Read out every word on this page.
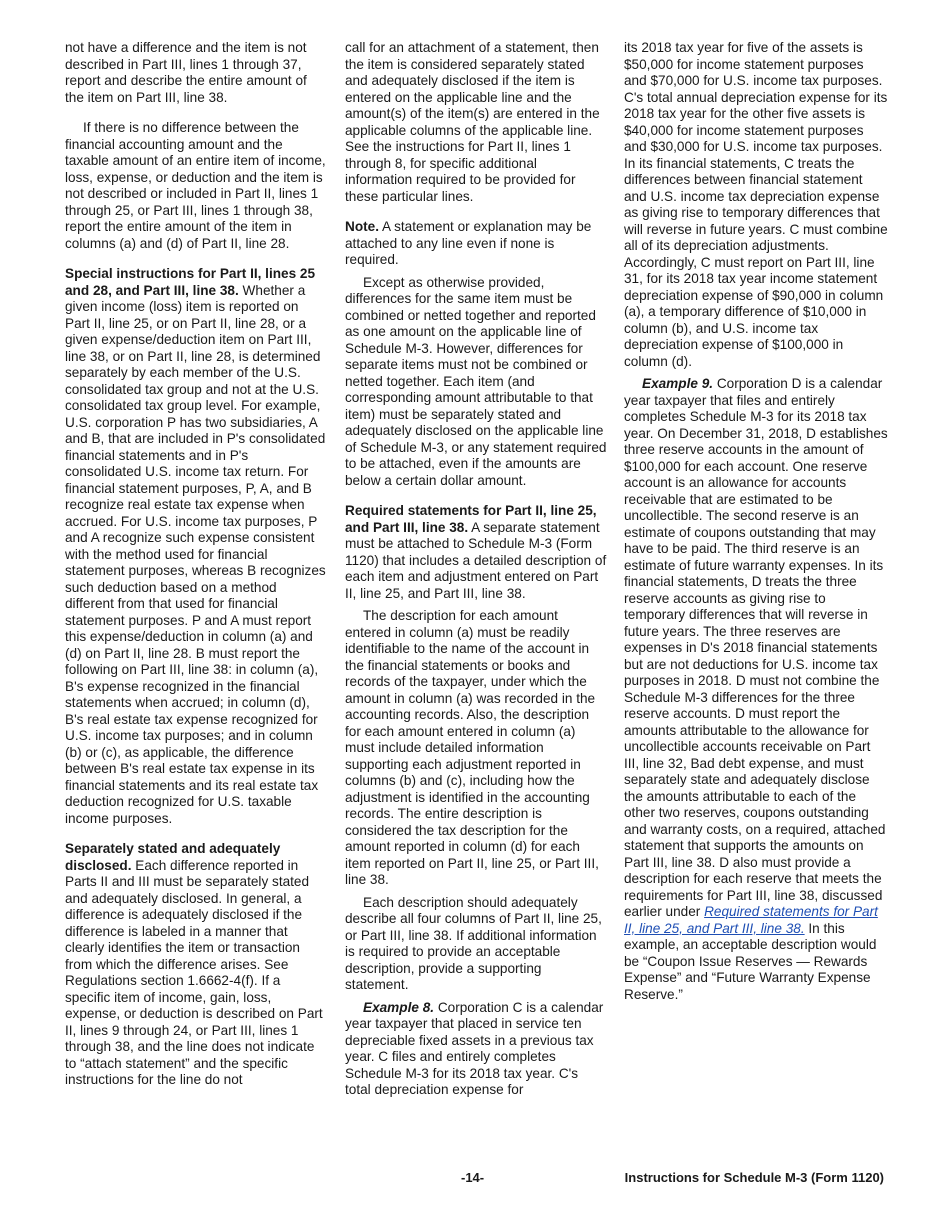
not have a difference and the item is not described in Part III, lines 1 through 37, report and describe the entire amount of the item on Part III, line 38.

If there is no difference between the financial accounting amount and the taxable amount of an entire item of income, loss, expense, or deduction and the item is not described or included in Part II, lines 1 through 25, or Part III, lines 1 through 38, report the entire amount of the item in columns (a) and (d) of Part II, line 28.

Special instructions for Part II, lines 25 and 28, and Part III, line 38. Whether a given income (loss) item is reported on Part II, line 25, or on Part II, line 28, or a given expense/deduction item on Part III, line 38, or on Part II, line 28, is determined separately by each member of the U.S. consolidated tax group and not at the U.S. consolidated tax group level. For example, U.S. corporation P has two subsidiaries, A and B, that are included in P's consolidated financial statements and in P's consolidated U.S. income tax return. For financial statement purposes, P, A, and B recognize real estate tax expense when accrued. For U.S. income tax purposes, P and A recognize such expense consistent with the method used for financial statement purposes, whereas B recognizes such deduction based on a method different from that used for financial statement purposes. P and A must report this expense/deduction in column (a) and (d) on Part II, line 28. B must report the following on Part III, line 38: in column (a), B's expense recognized in the financial statements when accrued; in column (d), B's real estate tax expense recognized for U.S. income tax purposes; and in column (b) or (c), as applicable, the difference between B's real estate tax expense in its financial statements and its real estate tax deduction recognized for U.S. taxable income purposes.

Separately stated and adequately disclosed. Each difference reported in Parts II and III must be separately stated and adequately disclosed. In general, a difference is adequately disclosed if the difference is labeled in a manner that clearly identifies the item or transaction from which the difference arises. See Regulations section 1.6662-4(f). If a specific item of income, gain, loss, expense, or deduction is described on Part II, lines 9 through 24, or Part III, lines 1 through 38, and the line does not indicate to “attach statement” and the specific instructions for the line do not

call for an attachment of a statement, then the item is considered separately stated and adequately disclosed if the item is entered on the applicable line and the amount(s) of the item(s) are entered in the applicable columns of the applicable line. See the instructions for Part II, lines 1 through 8, for specific additional information required to be provided for these particular lines.

Note. A statement or explanation may be attached to any line even if none is required.

Except as otherwise provided, differences for the same item must be combined or netted together and reported as one amount on the applicable line of Schedule M-3. However, differences for separate items must not be combined or netted together. Each item (and corresponding amount attributable to that item) must be separately stated and adequately disclosed on the applicable line of Schedule M-3, or any statement required to be attached, even if the amounts are below a certain dollar amount.

Required statements for Part II, line 25, and Part III, line 38. A separate statement must be attached to Schedule M-3 (Form 1120) that includes a detailed description of each item and adjustment entered on Part II, line 25, and Part III, line 38.

The description for each amount entered in column (a) must be readily identifiable to the name of the account in the financial statements or books and records of the taxpayer, under which the amount in column (a) was recorded in the accounting records. Also, the description for each amount entered in column (a) must include detailed information supporting each adjustment reported in columns (b) and (c), including how the adjustment is identified in the accounting records. The entire description is considered the tax description for the amount reported in column (d) for each item reported on Part II, line 25, or Part III, line 38.

Each description should adequately describe all four columns of Part II, line 25, or Part III, line 38. If additional information is required to provide an acceptable description, provide a supporting statement.

Example 8. Corporation C is a calendar year taxpayer that placed in service ten depreciable fixed assets in a previous tax year. C files and entirely completes Schedule M-3 for its 2018 tax year. C's total depreciation expense for

its 2018 tax year for five of the assets is $50,000 for income statement purposes and $70,000 for U.S. income tax purposes. C's total annual depreciation expense for its 2018 tax year for the other five assets is $40,000 for income statement purposes and $30,000 for U.S. income tax purposes. In its financial statements, C treats the differences between financial statement and U.S. income tax depreciation expense as giving rise to temporary differences that will reverse in future years. C must combine all of its depreciation adjustments. Accordingly, C must report on Part III, line 31, for its 2018 tax year income statement depreciation expense of $90,000 in column (a), a temporary difference of $10,000 in column (b), and U.S. income tax depreciation expense of $100,000 in column (d).

Example 9. Corporation D is a calendar year taxpayer that files and entirely completes Schedule M-3 for its 2018 tax year. On December 31, 2018, D establishes three reserve accounts in the amount of $100,000 for each account. One reserve account is an allowance for accounts receivable that are estimated to be uncollectible. The second reserve is an estimate of coupons outstanding that may have to be paid. The third reserve is an estimate of future warranty expenses. In its financial statements, D treats the three reserve accounts as giving rise to temporary differences that will reverse in future years. The three reserves are expenses in D's 2018 financial statements but are not deductions for U.S. income tax purposes in 2018. D must not combine the Schedule M-3 differences for the three reserve accounts. D must report the amounts attributable to the allowance for uncollectible accounts receivable on Part III, line 32, Bad debt expense, and must separately state and adequately disclose the amounts attributable to each of the other two reserves, coupons outstanding and warranty costs, on a required, attached statement that supports the amounts on Part III, line 38. D also must provide a description for each reserve that meets the requirements for Part III, line 38, discussed earlier under Required statements for Part II, line 25, and Part III, line 38. In this example, an acceptable description would be “Coupon Issue Reserves — Rewards Expense” and “Future Warranty Expense Reserve.”

-14-	Instructions for Schedule M-3 (Form 1120)
